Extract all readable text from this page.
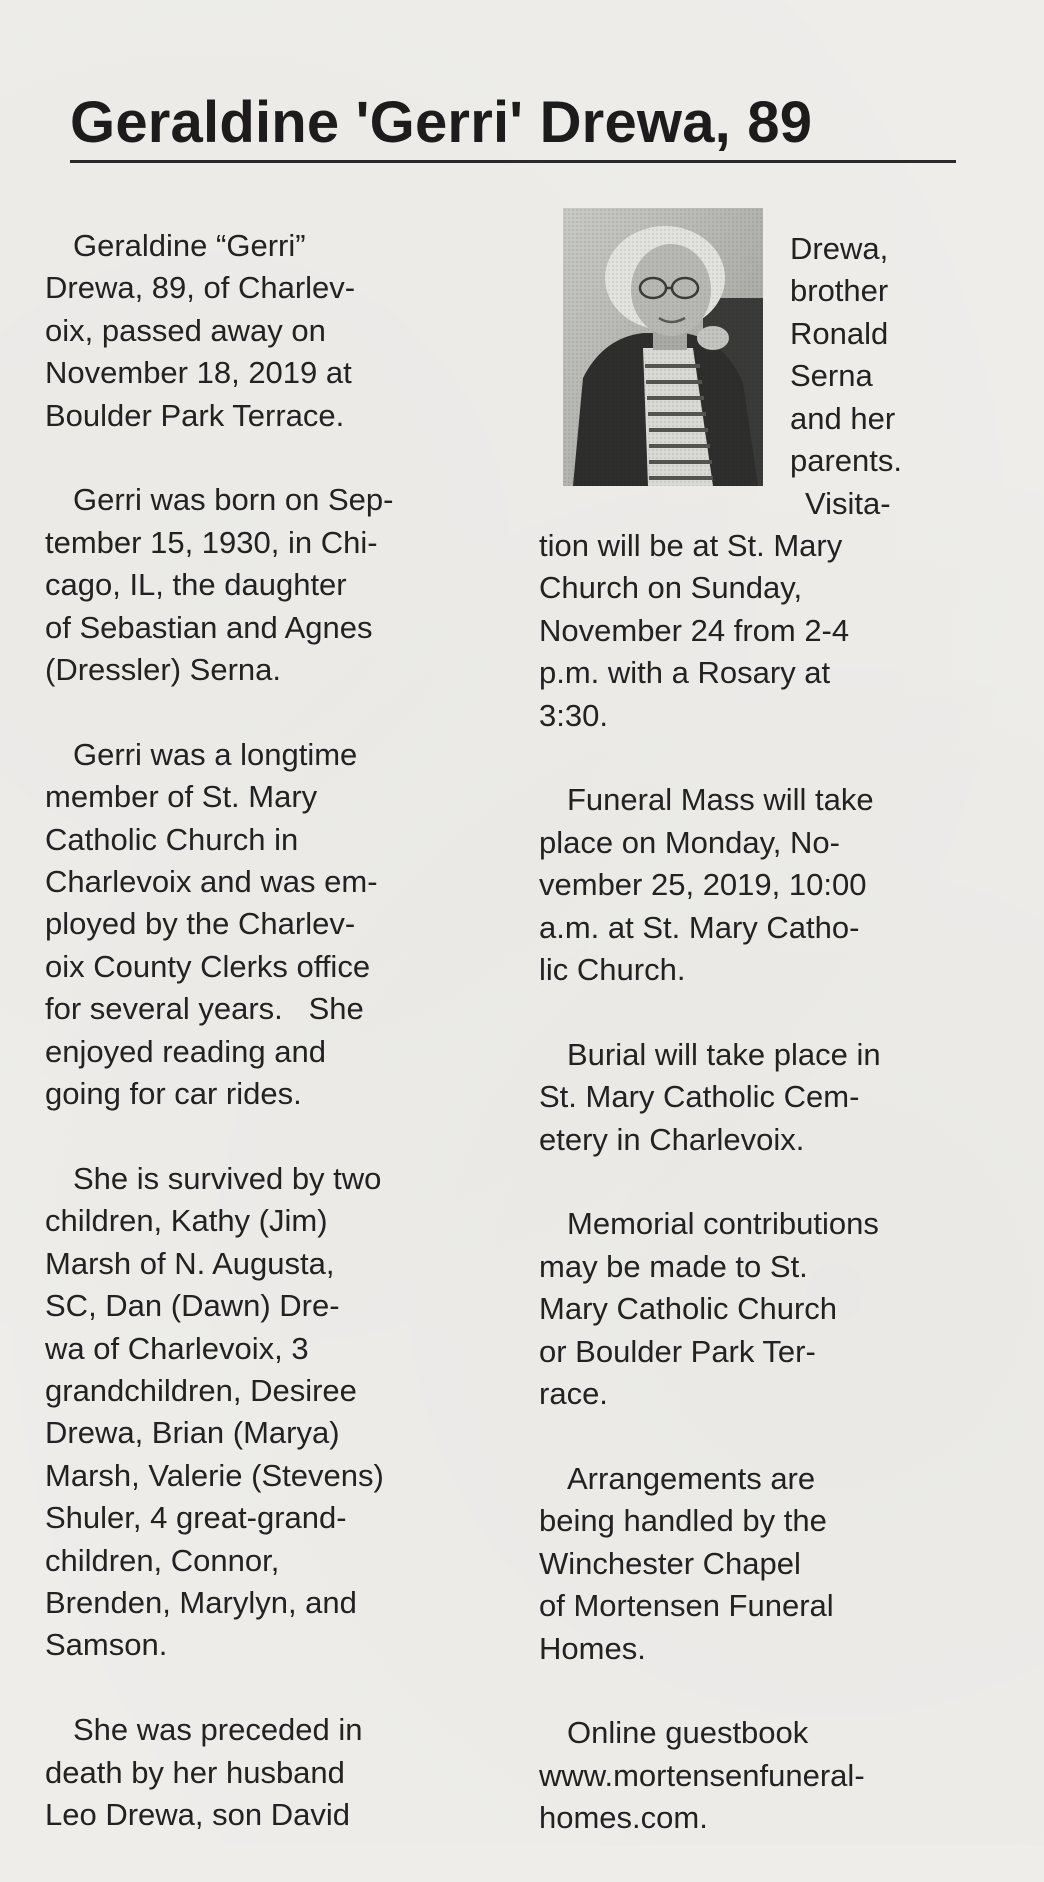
Geraldine 'Gerri' Drewa, 89

Geraldine “Gerri”
Drewa, 89, of Charlev-
oix, passed away on
November 18, 2019 at
Boulder Park Terrace.

Gerri was born on Sep-
tember 15, 1930, in Chi-
cago, IL, the daughter
of Sebastian and Agnes
(Dressler) Serna.

Gerri was a longtime
member of St. Mary
Catholic Church in
Charlevoix and was em-
ployed by the Charlev-
oix County Clerks office
for several years.   She
enjoyed reading and
going for car rides.

She is survived by two
children, Kathy (Jim)
Marsh of N. Augusta,
SC, Dan (Dawn) Dre-
wa of Charlevoix, 3
grandchildren, Desiree
Drewa, Brian (Marya)
Marsh, Valerie (Stevens)
Shuler, 4 great-grand-
children, Connor,
Brenden, Marylyn, and
Samson.

She was preceded in
death by her husband
Leo Drewa, son David

Drewa,
brother
Ronald
Serna
and her
parents.
Visita-

tion will be at St. Mary
Church on Sunday,
November 24 from 2-4
p.m. with a Rosary at
3:30.

Funeral Mass will take
place on Monday, No-
vember 25, 2019, 10:00
a.m. at St. Mary Catho-
lic Church.

Burial will take place in
St. Mary Catholic Cem-
etery in Charlevoix.

Memorial contributions
may be made to St.
Mary Catholic Church
or Boulder Park Ter-
race.

Arrangements are
being handled by the
Winchester Chapel
of Mortensen Funeral
Homes.

Online guestbook
www.mortensenfuneral-
homes.com.
